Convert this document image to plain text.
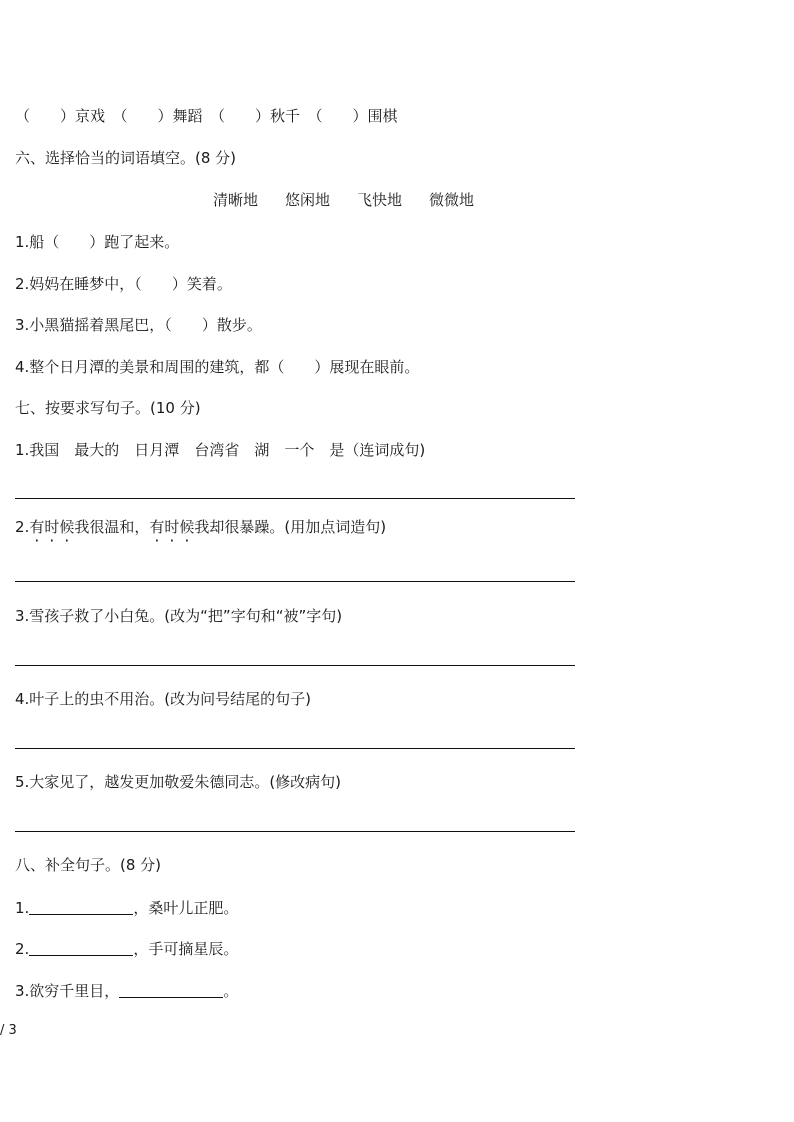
（　　）京戏　（　　）舞蹈　（　　）秋千　（　　）围棋
六、选择恰当的词语填空。(8 分)
清晰地 悠闲地 飞快地 微微地
1.船（　　）跑了起来。
2.妈妈在睡梦中，（　　）笑着。
3.小黑猫摇着黑尾巴，（　　）散步。
4.整个日月潭的美景和周围的建筑，都（　　）展现在眼前。
七、按要求写句子。(10 分)
1.我国　最大的　日月潭　台湾省　湖　一个　是（连词成句)
2.有时候我很温和，有时候我却很暴躁。(用加点词造句)
3.雪孩子救了小白兔。(改为“把”字句和“被”字句)
4.叶子上的虫不用治。(改为问号结尾的句子)
5.大家见了，越发更加敬爱朱德同志。(修改病句)
八、补全句子。(8 分)
1.	，桑叶儿正肥。
2.	，手可摘星辰。
3.欲穷千里目，	。
/ 3
